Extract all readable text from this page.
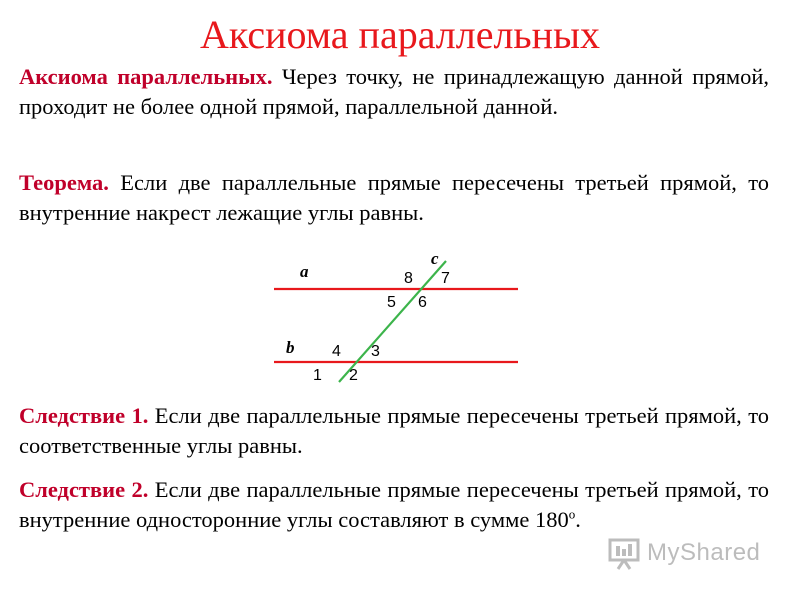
Аксиома параллельных
Аксиома параллельных. Через точку, не принадлежащую данной прямой, проходит не более одной прямой, параллельной данной.
Теорема. Если две параллельные прямые пересечены третьей прямой, то внутренние накрест лежащие углы равны.
a
b
c
8 7
5 6
4 3
1 2
Следствие 1. Если две параллельные прямые пересечены третьей прямой, то соответственные углы равны.
Следствие 2. Если две параллельные прямые пересечены третьей прямой, то внутренние односторонние углы составляют в сумме 180$^o$.
MyShared
